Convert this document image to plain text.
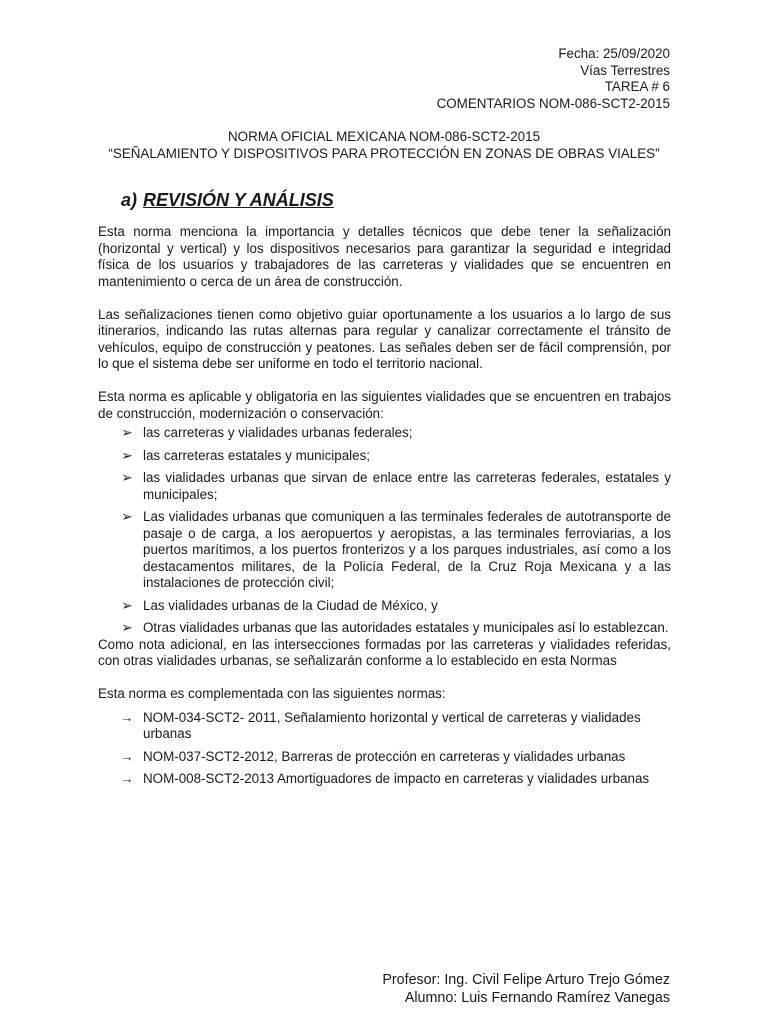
Fecha: 25/09/2020
Vías Terrestres
TAREA # 6
COMENTARIOS NOM-086-SCT2-2015
NORMA OFICIAL MEXICANA NOM-086-SCT2-2015
“SEÑALAMIENTO Y DISPOSITIVOS PARA PROTECCIÓN EN ZONAS DE OBRAS VIALES”
a) REVISIÓN Y ANÁLISIS

Esta norma menciona la importancia y detalles técnicos que debe tener la señalización (horizontal y vertical) y los dispositivos necesarios para garantizar la seguridad e integridad física de los usuarios y trabajadores de las carreteras y vialidades que se encuentren en mantenimiento o cerca de un área de construcción.

Las señalizaciones tienen como objetivo guiar oportunamente a los usuarios a lo largo de sus itinerarios, indicando las rutas alternas para regular y canalizar correctamente el tránsito de vehículos, equipo de construcción y peatones. Las señales deben ser de fácil comprensión, por lo que el sistema debe ser uniforme en todo el territorio nacional.

Esta norma es aplicable y obligatoria en las siguientes vialidades que se encuentren en trabajos de construcción, modernización o conservación:

➢ las carreteras y vialidades urbanas federales;
➢ las carreteras estatales y municipales;
➢ las vialidades urbanas que sirvan de enlace entre las carreteras federales, estatales y municipales;
➢ Las vialidades urbanas que comuniquen a las terminales federales de autotransporte de pasaje o de carga, a los aeropuertos y aeropistas, a las terminales ferroviarias, a los puertos marítimos, a los puertos fronterizos y a los parques industriales, así como a los destacamentos militares, de la Policía Federal, de la Cruz Roja Mexicana y a las instalaciones de protección civil;
➢ Las vialidades urbanas de la Ciudad de México, y
➢ Otras vialidades urbanas que las autoridades estatales y municipales así lo establezcan.

Como nota adicional, en las intersecciones formadas por las carreteras y vialidades referidas, con otras vialidades urbanas, se señalizarán conforme a lo establecido en esta Normas

Esta norma es complementada con las siguientes normas:

→ NOM-034-SCT2- 2011, Señalamiento horizontal y vertical de carreteras y vialidades urbanas
→ NOM-037-SCT2-2012, Barreras de protección en carreteras y vialidades urbanas
→ NOM-008-SCT2-2013 Amortiguadores de impacto en carreteras y vialidades urbanas
Profesor: Ing. Civil Felipe Arturo Trejo Gómez
Alumno: Luis Fernando Ramírez Vanegas
